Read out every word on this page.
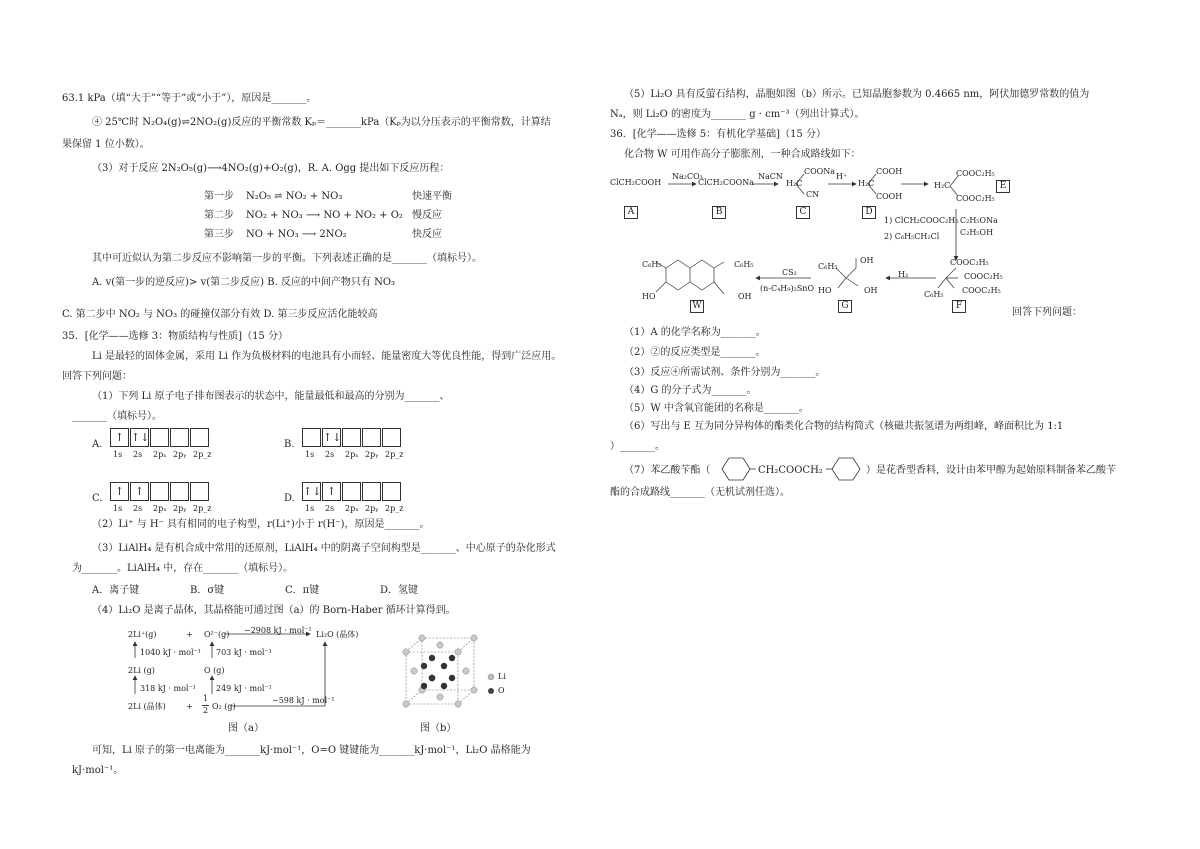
63.1 kPa（填“大于”“等于”或“小于”），原因是_______。
④ 25℃时 N₂O₄(g)⇌2NO₂(g)反应的平衡常数 Kₚ＝_______kPa（Kₚ为以分压表示的平衡常数，计算结
果保留 1 位小数）。
（3）对于反应 2N₂O₅(g)⟶4NO₂(g)+O₂(g)，R. A. Ogg 提出如下反应历程：
第一步 N₂O₅ ⇌ NO₂ + NO₃	快速平衡
第二步 NO₂ + NO₃ ⟶ NO + NO₂ + O₂ 慢反应
第三步 NO + NO₃ ⟶ 2NO₂	快反应
其中可近似认为第二步反应不影响第一步的平衡。下列表述正确的是_______（填标号）。
A. v(第一步的逆反应)> v(第二步反应) B. 反应的中间产物只有 NO₃
C. 第二步中 NO₂ 与 NO₃ 的碰撞仅部分有效 D. 第三步反应活化能较高
35．[化学——选修 3：物质结构与性质]（15 分）
Li 是最轻的固体金属，采用 Li 作为负极材料的电池具有小而轻、能量密度大等优良性能，得到广泛应用。
回答下列问题：
（1）下列 Li 原子电子排布图表示的状态中，能量最低和最高的分别为_______、
_______（填标号）。
A.
↑
1s
↑↓
2s 2pₓ 2pᵧ 2p_z
B.
1s
↑↓
2s 2pₓ 2pᵧ 2p_z
C.
↑
1s
↑
2s 2pₓ 2pᵧ 2p_z
D.
↑↓
1s
↑
2s 2pₓ 2pᵧ 2p_z
（2）Li⁺ 与 H⁻ 具有相同的电子构型，r(Li⁺)小于 r(H⁻)，原因是_______。
（3）LiAlH₄ 是有机合成中常用的还原剂，LiAlH₄ 中的阴离子空间构型是_______、中心原子的杂化形式
为_______。LiAlH₄ 中，存在_______（填标号）。
A．离子键	B．σ键	C．π键	D．氢键
（4）Li₂O 是离子晶体，其晶格能可通过图（a）的 Born-Haber 循环计算得到。
2Li⁺(g)	+ O²⁻(g) −2908 kJ · mol⁻¹ Li₂O (晶体)
1040 kJ · mol⁻¹ 703 kJ · mol⁻¹
2Li (g)	O (g)
318 kJ · mol⁻¹	249 kJ · mol⁻¹
2Li (晶体)	+
1
2 O₂ (g)
−598 kJ · mol⁻¹
图（a）
Li
O
图（b）
可知，Li 原子的第一电离能为_______kJ·mol⁻¹，O=O 键键能为_______kJ·mol⁻¹，Li₂O 晶格能为
kJ·mol⁻¹。
（5）Li₂O 具有反萤石结构，晶胞如图（b）所示。已知晶胞参数为 0.4665 nm，阿伏加德罗常数的值为
Nₐ，则 Li₂O 的密度为_______ g · cm⁻³（列出计算式）。
36．[化学——选修 5：有机化学基础]（15 分）
化合物 W 可用作高分子膨胀剂，一种合成路线如下：
ClCH₂COOH
Na₂CO₃
ClCH₂COONa
NaCN
COONa
H₂C
CN
H⁺
COOH
H₂C
COOH
COOC₂H₅
H₂C
COOC₂H₅
1) ClCH₂COOC₂H₅
2) C₆H₅CH₂Cl
C₂H₅ONa
C₂H₅OH
COOC₂H₅
COOC₂H₅
COOC₂H₅
C₆H₅
H₂
C₆H₅
OH
HO	OH
CS₂
(n-C₄H₉)₂SnO
C₆H₅	C₆H₅
HO	OH
A	B	C	D
E
F
G
W
回答下列问题：
（1）A 的化学名称为_______。
（2）②的反应类型是_______。
（3）反应④所需试剂、条件分别为_______。
（4）G 的分子式为_______。
（5）W 中含氧官能团的名称是_______。
（6）写出与 E 互为同分异构体的酯类化合物的结构简式（核磁共振氢谱为两组峰，峰面积比为 1:1
）_______。
（7）苯乙酸苄酯（	CH₂COOCH₂	）是花香型香料，设计由苯甲醇为起始原料制备苯乙酸苄
酯的合成路线_______（无机试剂任选）。
